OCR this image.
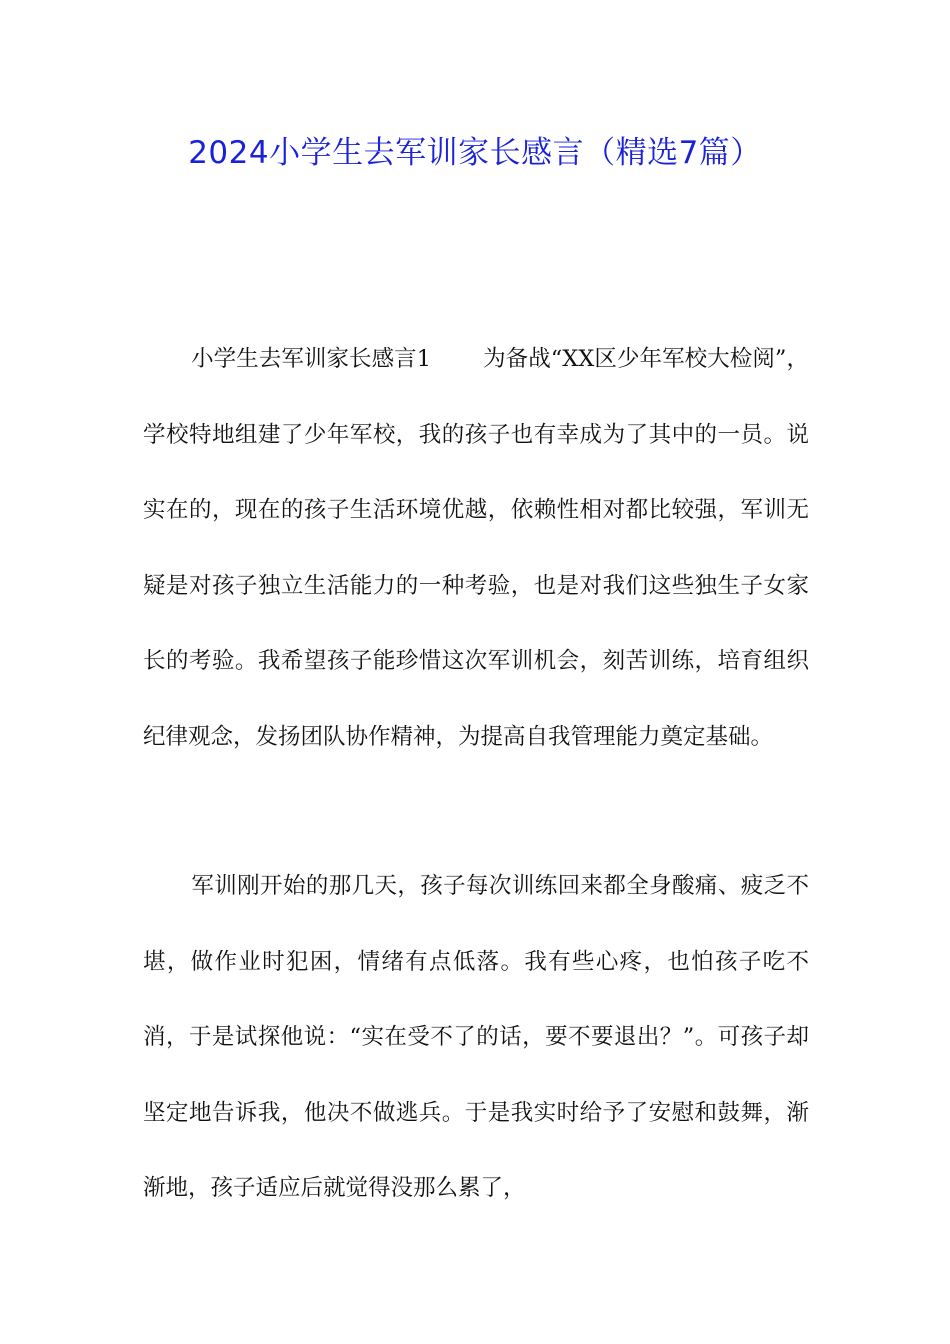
2024小学生去军训家长感言（精选7篇）

小学生去军训家长感言1 为备战“XX区少年军校大检阅”，学校特地组建了少年军校，我的孩子也有幸成为了其中的一员。说实在的，现在的孩子生活环境优越，依赖性相对都比较强，军训无疑是对孩子独立生活能力的一种考验，也是对我们这些独生子女家长的考验。我希望孩子能珍惜这次军训机会，刻苦训练，培育组织纪律观念，发扬团队协作精神，为提高自我管理能力奠定基础。

军训刚开始的那几天，孩子每次训练回来都全身酸痛、疲乏不堪，做作业时犯困，情绪有点低落。我有些心疼，也怕孩子吃不消，于是试探他说：“实在受不了的话，要不要退出？”。可孩子却坚定地告诉我，他决不做逃兵。于是我实时给予了安慰和鼓舞，渐渐地，孩子适应后就觉得没那么累了，
